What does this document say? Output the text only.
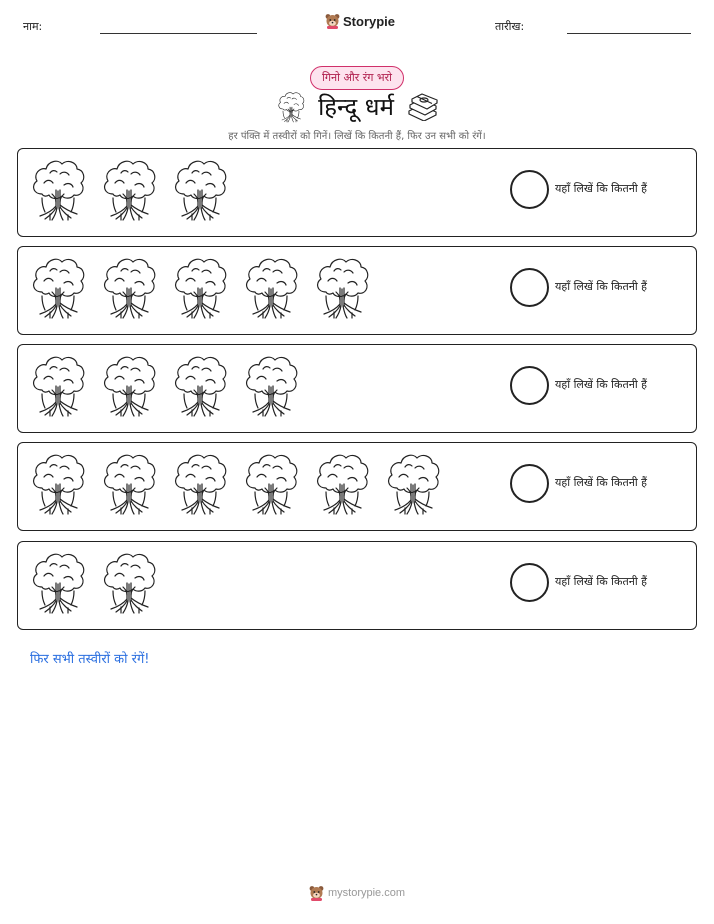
नाम:	Storypie	तारीख:
गिनो और रंग भरो
हिन्दू धर्म
हर पंक्ति में तस्वीरों को गिनें। लिखें कि कितनी हैं, फिर उन सभी को रंगें।
यहाँ लिखें कि कितनी हैं
यहाँ लिखें कि कितनी हैं
यहाँ लिखें कि कितनी हैं
यहाँ लिखें कि कितनी हैं
यहाँ लिखें कि कितनी हैं
फिर सभी तस्वीरों को रंगें!
mystorypie.com
